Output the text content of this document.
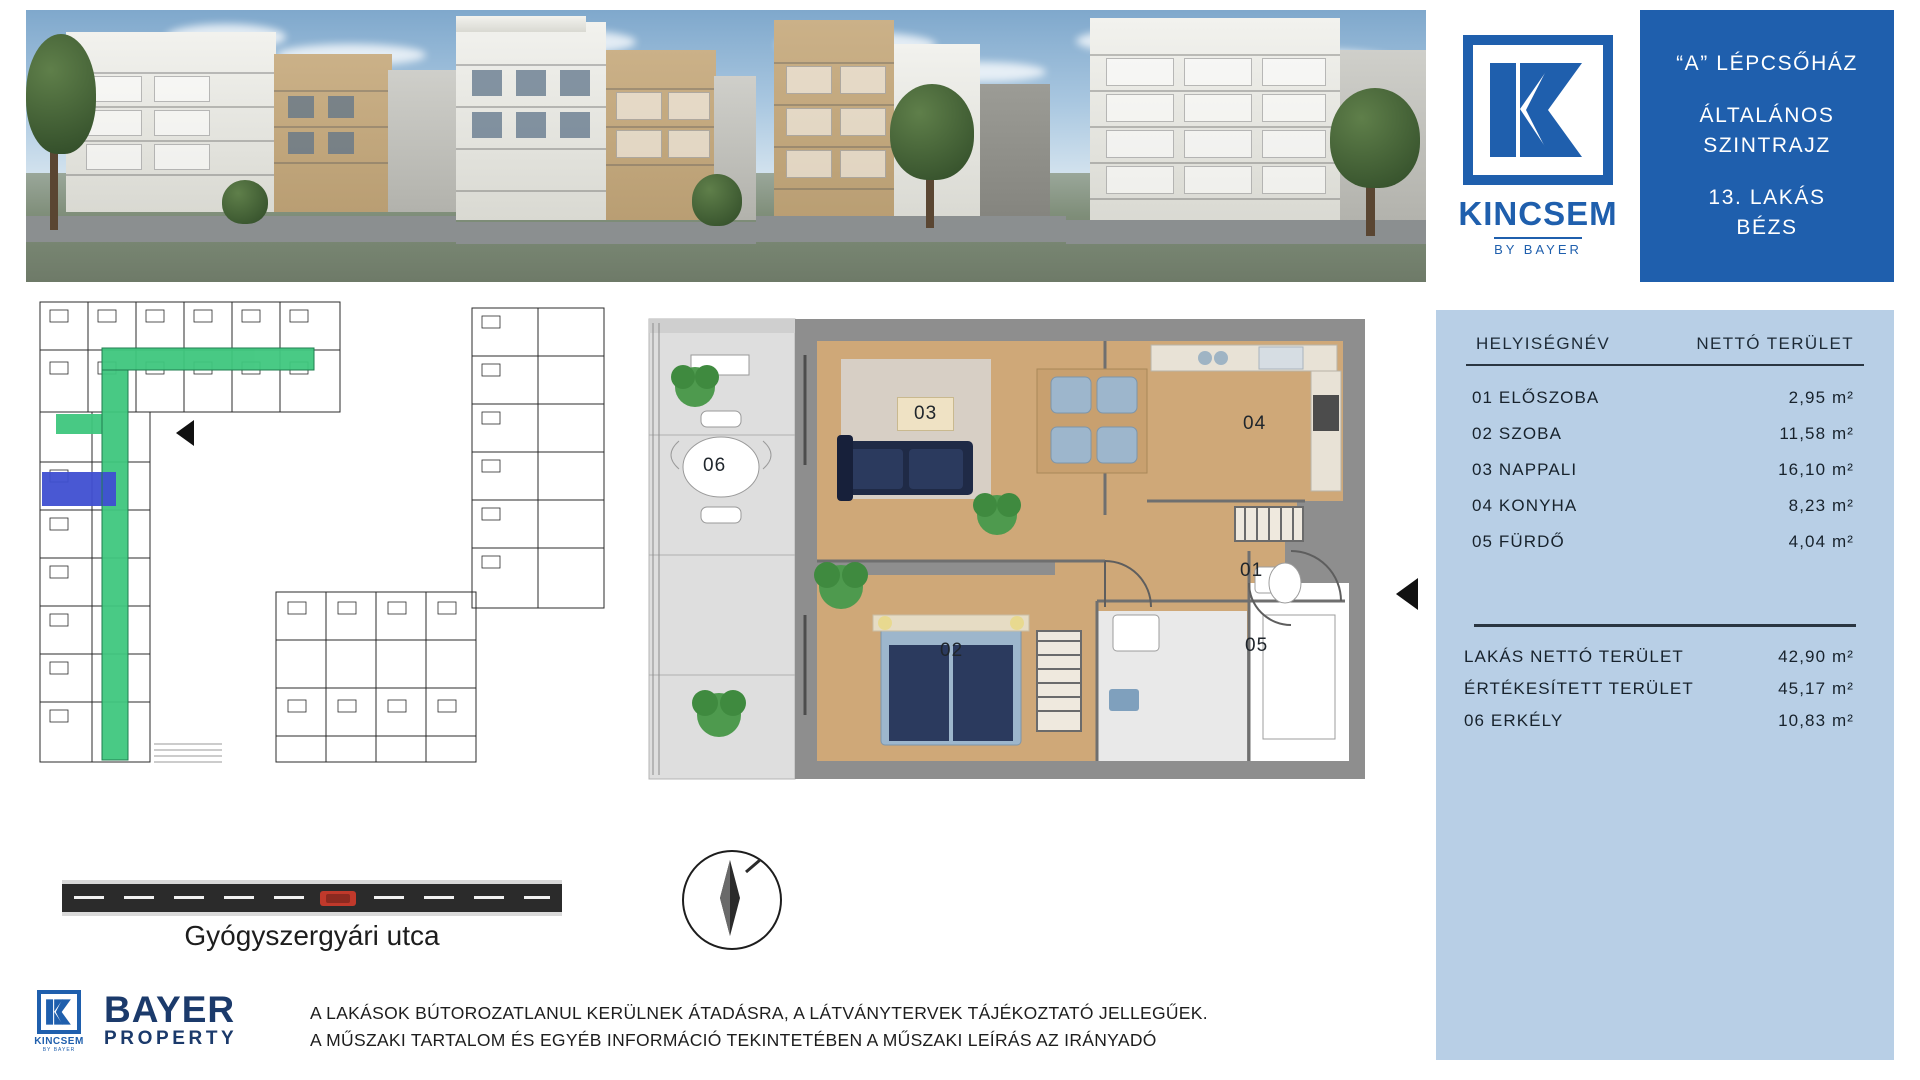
KINCSEM
BY BAYER
“A” LÉPCSŐHÁZ
ÁLTALÁNOS
SZINTRAJZ
13. LAKÁS
BÉZS
HELYISÉGNÉV	NETTÓ TERÜLET
01 ELŐSZOBA	2,95 m²
02 SZOBA	11,58 m²
03 NAPPALI	16,10 m²
04 KONYHA	8,23 m²
05 FÜRDŐ	4,04 m²
LAKÁS NETTÓ TERÜLET	42,90 m²
ÉRTÉKESÍTETT TERÜLET	45,17 m²
06 ERKÉLY	10,83 m²
03	04
01
05
02
06
Gyógyszergyári utca
KINCSEM
BY BAYER
BAYER
PROPERTY
A LAKÁSOK BÚTOROZATLANUL KERÜLNEK ÁTADÁSRA, A LÁTVÁNYTERVEK TÁJÉKOZTATÓ JELLEGŰEK.
A MŰSZAKI TARTALOM ÉS EGYÉB INFORMÁCIÓ TEKINTETÉBEN A MŰSZAKI LEÍRÁS AZ IRÁNYADÓ
